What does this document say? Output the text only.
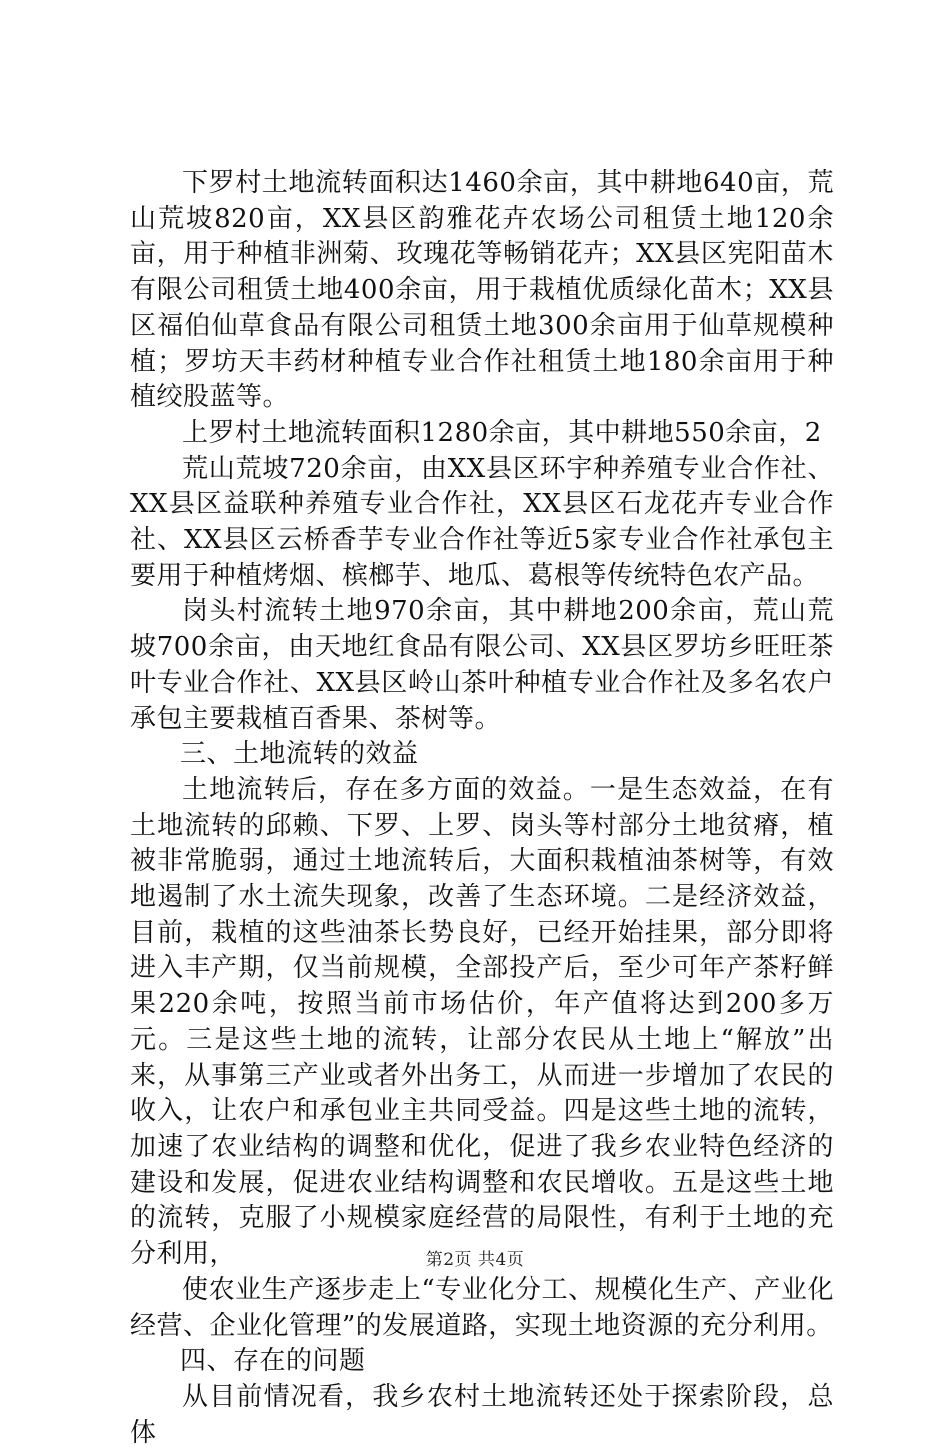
下罗村土地流转面积达1460余亩，其中耕地640亩，荒山荒坡820亩，XX县区韵雅花卉农场公司租赁土地120余亩，用于种植非洲菊、玫瑰花等畅销花卉；XX县区宪阳苗木有限公司租赁土地400余亩，用于栽植优质绿化苗木；XX县区福伯仙草食品有限公司租赁土地300余亩用于仙草规模种植；罗坊天丰药材种植专业合作社租赁土地180余亩用于种植绞股蓝等。

上罗村土地流转面积1280余亩，其中耕地550余亩，2

荒山荒坡720余亩，由XX县区环宇种养殖专业合作社、XX县区益联种养殖专业合作社，XX县区石龙花卉专业合作社、XX县区云桥香芋专业合作社等近5家专业合作社承包主要用于种植烤烟、槟榔芋、地瓜、葛根等传统特色农产品。

岗头村流转土地970余亩，其中耕地200余亩，荒山荒坡700余亩，由天地红食品有限公司、XX县区罗坊乡旺旺茶叶专业合作社、XX县区岭山茶叶种植专业合作社及多名农户承包主要栽植百香果、茶树等。

三、土地流转的效益

土地流转后，存在多方面的效益。一是生态效益，在有土地流转的邱赖、下罗、上罗、岗头等村部分土地贫瘠，植被非常脆弱，通过土地流转后，大面积栽植油茶树等，有效地遏制了水土流失现象，改善了生态环境。二是经济效益，目前，栽植的这些油茶长势良好，已经开始挂果，部分即将进入丰产期，仅当前规模，全部投产后，至少可年产茶籽鲜果220余吨，按照当前市场估价，年产值将达到200多万元。三是这些土地的流转，让部分农民从土地上“解放”出来，从事第三产业或者外出务工，从而进一步增加了农民的收入，让农户和承包业主共同受益。四是这些土地的流转，加速了农业结构的调整和优化，促进了我乡农业特色经济的建设和发展，促进农业结构调整和农民增收。五是这些土地的流转，克服了小规模家庭经营的局限性，有利于土地的充分利用，

使农业生产逐步走上“专业化分工、规模化生产、产业化经营、企业化管理”的发展道路，实现土地资源的充分利用。

四、存在的问题

从目前情况看，我乡农村土地流转还处于探索阶段，总体

第2页 共4页
